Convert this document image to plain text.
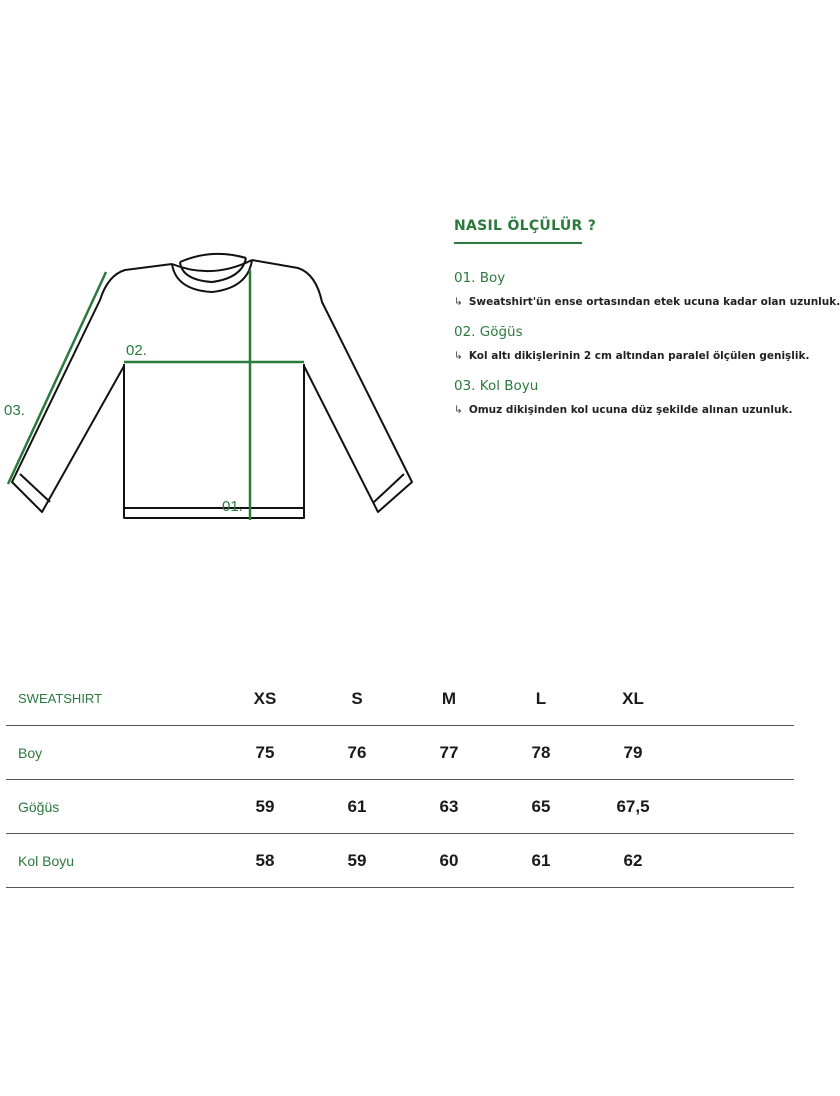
01.
02.
03.
NASIL ÖLÇÜLÜR ?
01. Boy
↳ Sweatshirt'ün ense ortasından etek ucuna kadar olan uzunluk.
02. Göğüs
↳ Kol altı dikişlerinin 2 cm altından paralel ölçülen genişlik.
03. Kol Boyu
↳ Omuz dikişinden kol ucuna düz şekilde alınan uzunluk.
SWEATSHIRT	XS	S	M	L	XL	
Boy	75	76	77	78	79	
Göğüs	59	61	63	65	67,5	
Kol Boyu	58	59	60	61	62	
